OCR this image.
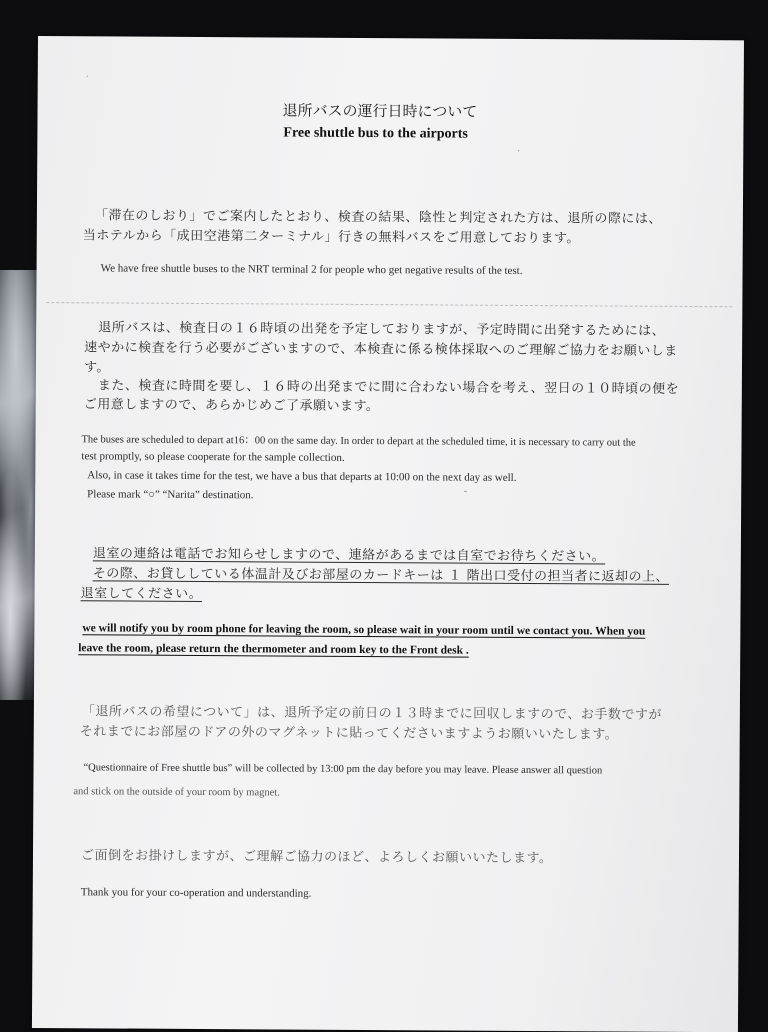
·
·
ˉ
退所バスの運行日時について
Free shuttle bus to the airports
「滞在のしおり」でご案内したとおり、検査の結果、陰性と判定された方は、退所の際には、
当ホテルから「成田空港第二ターミナル」行きの無料バスをご用意しております。
We have free shuttle buses to the NRT terminal 2 for people who get negative results of the test.
退所バスは、検査日の１６時頃の出発を予定しておりますが、予定時間に出発するためには、
速やかに検査を行う必要がございますので、本検査に係る検体採取へのご理解ご協力をお願いしま
す。
また、検査に時間を要し、１６時の出発までに間に合わない場合を考え、翌日の１０時頃の便を
ご用意しますので、あらかじめご了承願います。
The buses are scheduled to depart at16：00 on the same day. In order to depart at the scheduled time, it is necessary to carry out the
test promptly, so please cooperate for the sample collection.
Also, in case it takes time for the test, we have a bus that departs at 10:00 on the next day as well.
Please mark “○” “Narita” destination.
退室の連絡は電話でお知らせしますので、連絡があるまでは自室でお待ちください。
その際、お貸ししている体温計及びお部屋のカードキーは １ 階出口受付の担当者に返却の上、
退室してください。
we will notify you by room phone for leaving the room, so please wait in your room until we contact you. When you
leave the room, please return the thermometer and room key to the Front desk .
「退所バスの希望について」は、退所予定の前日の１３時までに回収しますので、お手数ですが
それまでにお部屋のドアの外のマグネットに貼ってくださいますようお願いいたします。
“Questionnaire of Free shuttle bus” will be collected by 13:00 pm the day before you may leave. Please answer all question
and stick on the outside of your room by magnet.
ご面倒をお掛けしますが、ご理解ご協力のほど、よろしくお願いいたします。
Thank you for your co-operation and understanding.
